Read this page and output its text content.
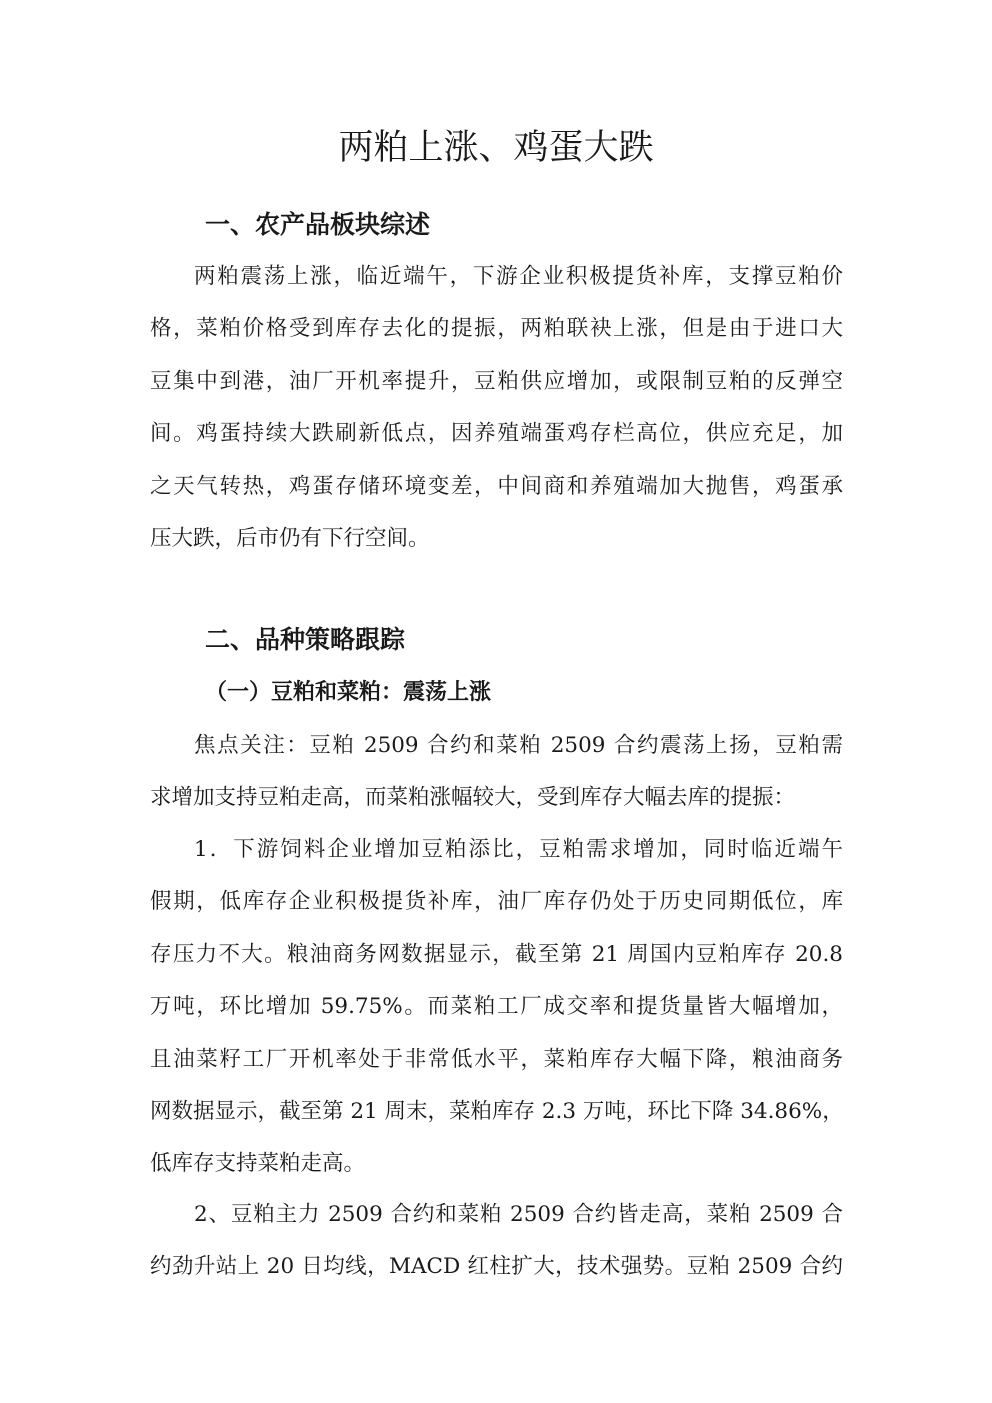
两粕上涨、鸡蛋大跌
一、农产品板块综述
两粕震荡上涨，临近端午，下游企业积极提货补库，支撑豆粕价
格，菜粕价格受到库存去化的提振，两粕联袂上涨，但是由于进口大
豆集中到港，油厂开机率提升，豆粕供应增加，或限制豆粕的反弹空
间。鸡蛋持续大跌刷新低点，因养殖端蛋鸡存栏高位，供应充足，加
之天气转热，鸡蛋存储环境变差，中间商和养殖端加大抛售，鸡蛋承
压大跌，后市仍有下行空间。
二、品种策略跟踪
（一）豆粕和菜粕：震荡上涨
焦点关注：豆粕 2509 合约和菜粕 2509 合约震荡上扬，豆粕需
求增加支持豆粕走高，而菜粕涨幅较大，受到库存大幅去库的提振：
1．下游饲料企业增加豆粕添比，豆粕需求增加，同时临近端午
假期，低库存企业积极提货补库，油厂库存仍处于历史同期低位，库
存压力不大。粮油商务网数据显示，截至第 21 周国内豆粕库存 20.8
万吨，环比增加 59.75%。而菜粕工厂成交率和提货量皆大幅增加，
且油菜籽工厂开机率处于非常低水平，菜粕库存大幅下降，粮油商务
网数据显示，截至第 21 周末，菜粕库存 2.3 万吨，环比下降 34.86%，
低库存支持菜粕走高。
2、豆粕主力 2509 合约和菜粕 2509 合约皆走高，菜粕 2509 合
约劲升站上 20 日均线，MACD 红柱扩大，技术强势。豆粕 2509 合约
